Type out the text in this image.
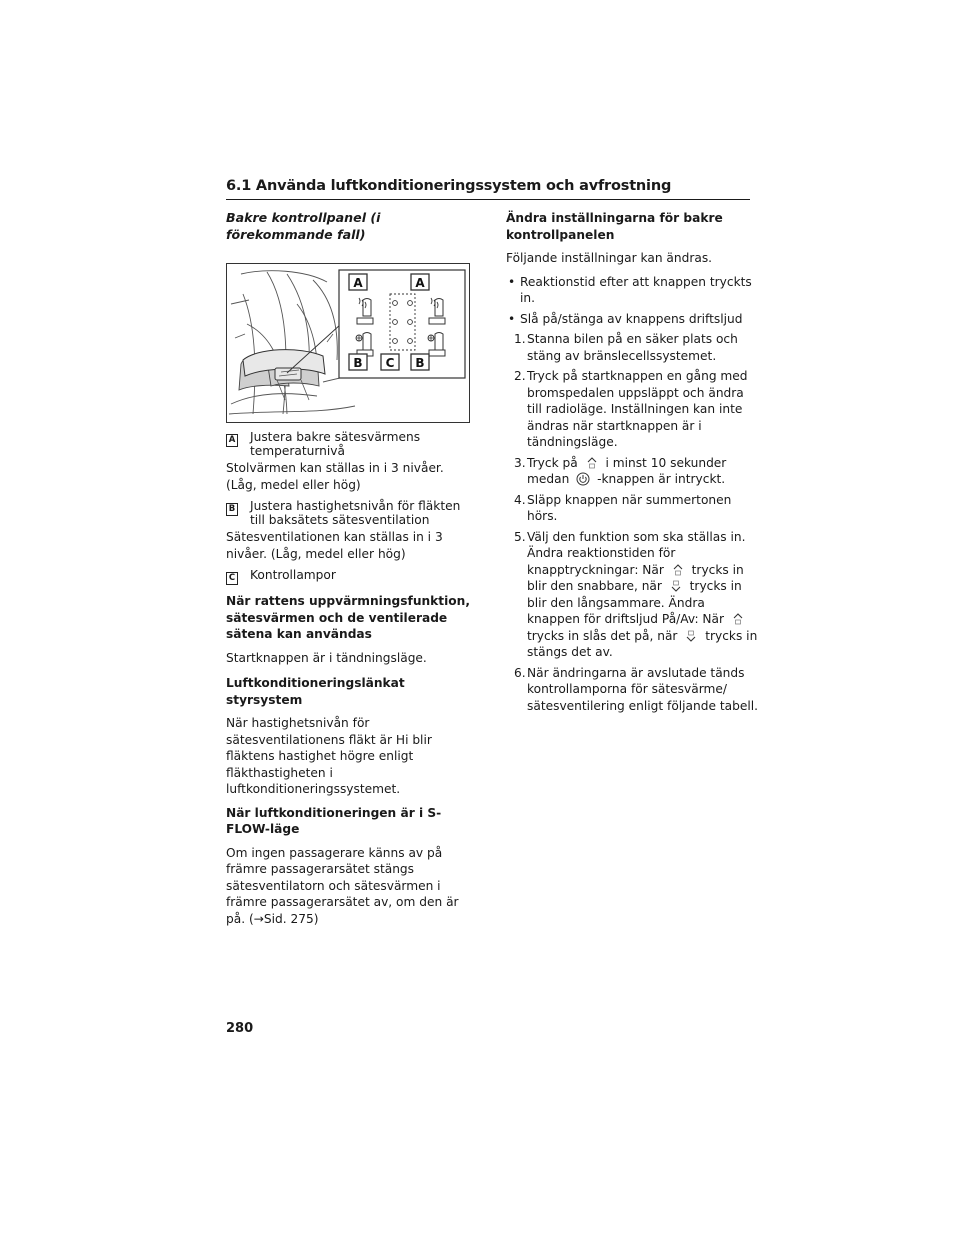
6.1 Använda luftkonditioneringssystem och avfrostning

Bakre kontrollpanel (i förekommande fall)

A	A
B C B
A Justera bakre sätesvärmens temperaturnivå

Stolvärmen kan ställas in i 3 nivåer. (Låg, medel eller hög)

B Justera hastighetsnivån för fläkten till baksätets sätesventilation

Sätesventilationen kan ställas in i 3 nivåer. (Låg, medel eller hög)

C Kontrollampor

När rattens uppvärmningsfunktion, sätesvärmen och de ventilerade sätena kan användas

Startknappen är i tändningsläge.

Luftkonditioneringslänkat styrsystem

När hastighetsnivån för sätesventilationens fläkt är Hi blir fläktens hastighet högre enligt fläkthastigheten i luftkonditioneringssystemet.

När luftkonditioneringen är i S-FLOW-läge

Om ingen passagerare känns av på främre passagerarsätet stängs sätesventilatorn och sätesvärmen i främre passagerarsätet av, om den är på. (→Sid. 275)

Ändra inställningarna för bakre kontrollpanelen

Följande inställningar kan ändras.

• Reaktionstid efter att knappen tryckts in.
• Slå på/stänga av knappens driftsljud
1. Stanna bilen på en säker plats och stäng av bränslecellssystemet.
2. Tryck på startknappen en gång med bromspedalen uppsläppt och ändra till radioläge. Inställningen kan inte ändras när startknappen är i tändningsläge.
3. Tryck på i minst 10 sekunder medan -knappen är intryckt.
4. Släpp knappen när summertonen hörs.
5. Välj den funktion som ska ställas in. Ändra reaktionstiden för knapptryckningar: När trycks in blir den snabbare, när trycks in blir den långsammare. Ändra knappen för driftsljud På/Av: När
trycks in slås det på, när trycks in stängs det av.
6. När ändringarna är avslutade tänds kontrollamporna för sätesvärme/ sätesventilering enligt följande tabell.
280
